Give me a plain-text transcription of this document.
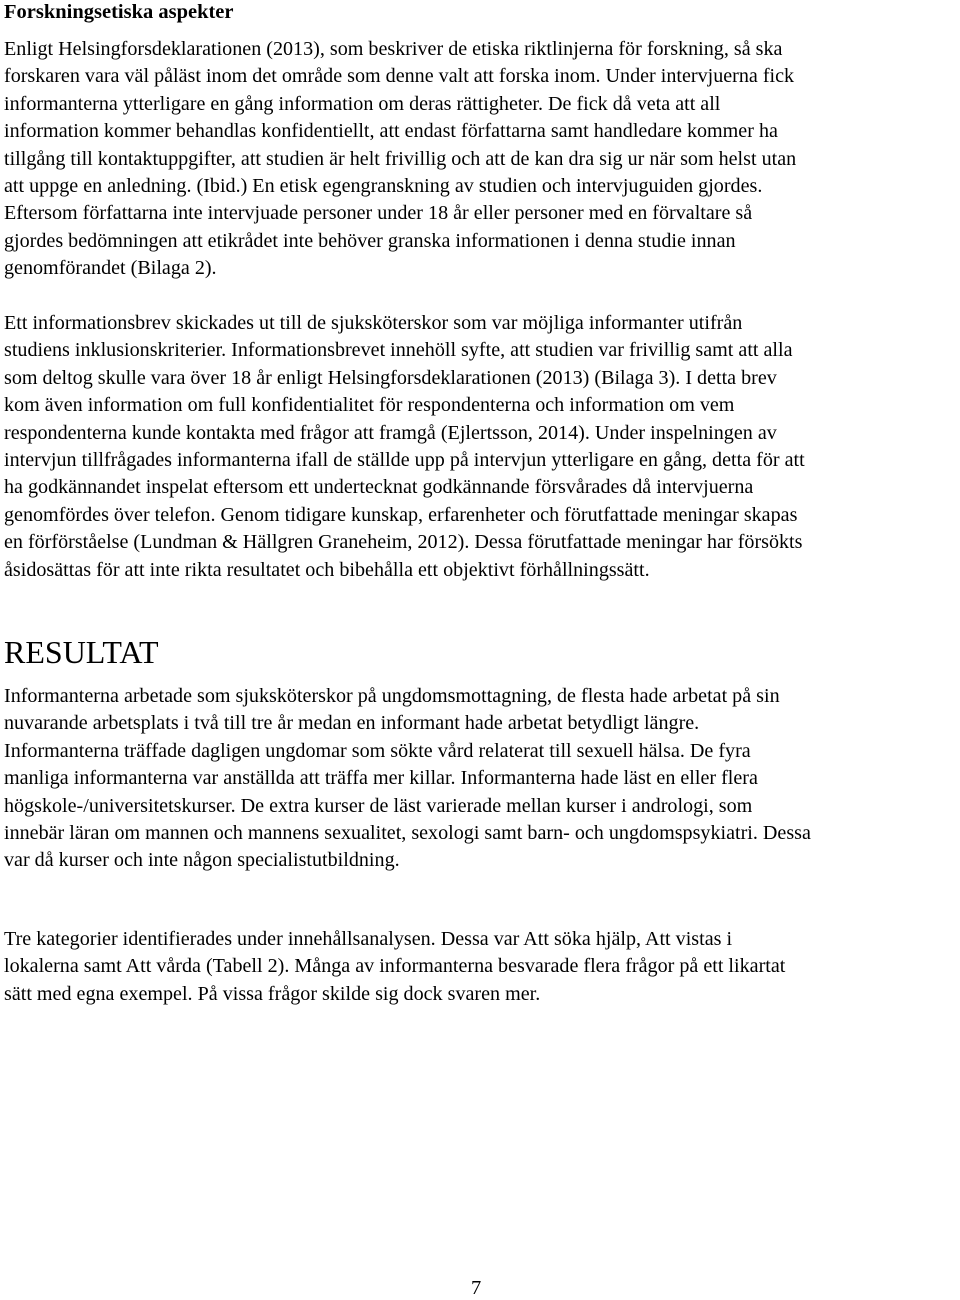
Forskningsetiska aspekter

Enligt Helsingforsdeklarationen (2013), som beskriver de etiska riktlinjerna för forskning, så ska
forskaren vara väl påläst inom det område som denne valt att forska inom. Under intervjuerna fick
informanterna ytterligare en gång information om deras rättigheter. De fick då veta att all
information kommer behandlas konfidentiellt, att endast författarna samt handledare kommer ha
tillgång till kontaktuppgifter, att studien är helt frivillig och att de kan dra sig ur när som helst utan
att uppge en anledning. (Ibid.) En etisk egengranskning av studien och intervjuguiden gjordes.
Eftersom författarna inte intervjuade personer under 18 år eller personer med en förvaltare så
gjordes bedömningen att etikrådet inte behöver granska informationen i denna studie innan
genomförandet (Bilaga 2).

Ett informationsbrev skickades ut till de sjuksköterskor som var möjliga informanter utifrån
studiens inklusionskriterier. Informationsbrevet innehöll syfte, att studien var frivillig samt att alla
som deltog skulle vara över 18 år enligt Helsingforsdeklarationen (2013) (Bilaga 3). I detta brev
kom även information om full konfidentialitet för respondenterna och information om vem
respondenterna kunde kontakta med frågor att framgå (Ejlertsson, 2014). Under inspelningen av
intervjun tillfrågades informanterna ifall de ställde upp på intervjun ytterligare en gång, detta för att
ha godkännandet inspelat eftersom ett undertecknat godkännande försvårades då intervjuerna
genomfördes över telefon. Genom tidigare kunskap, erfarenheter och förutfattade meningar skapas
en förförståelse (Lundman & Hällgren Graneheim, 2012). Dessa förutfattade meningar har försökts
åsidosättas för att inte rikta resultatet och bibehålla ett objektivt förhållningssätt.

RESULTAT

Informanterna arbetade som sjuksköterskor på ungdomsmottagning, de flesta hade arbetat på sin
nuvarande arbetsplats i två till tre år medan en informant hade arbetat betydligt längre.
Informanterna träffade dagligen ungdomar som sökte vård relaterat till sexuell hälsa. De fyra
manliga informanterna var anställda att träffa mer killar. Informanterna hade läst en eller flera
högskole-/universitetskurser. De extra kurser de läst varierade mellan kurser i andrologi, som
innebär läran om mannen och mannens sexualitet, sexologi samt barn- och ungdomspsykiatri. Dessa
var då kurser och inte någon specialistutbildning.

Tre kategorier identifierades under innehållsanalysen. Dessa var Att söka hjälp, Att vistas i
lokalerna samt Att vårda (Tabell 2). Många av informanterna besvarade flera frågor på ett likartat
sätt med egna exempel. På vissa frågor skilde sig dock svaren mer.

7
